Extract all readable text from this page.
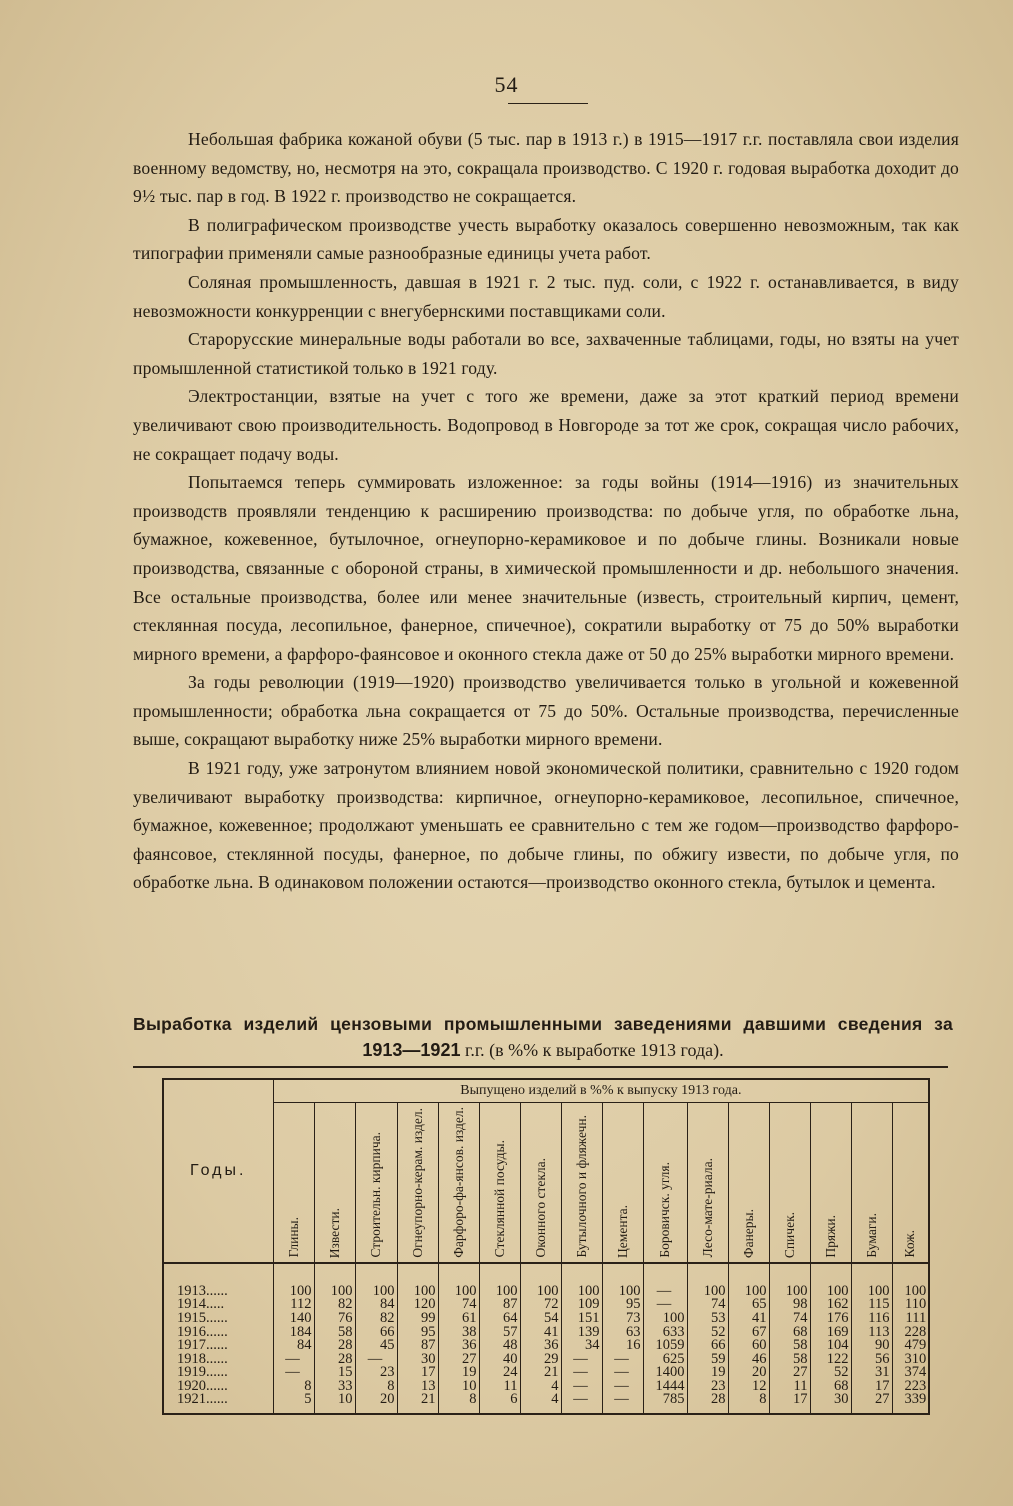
54

Небольшая фабрика кожаной обуви (5 тыс. пар в 1913 г.) в 1915—1917 г.г. поставляла свои изделия военному ведомству, но, несмотря на это, сокращала производство. С 1920 г. годовая выработка доходит до 9½ тыс. пар в год. В 1922 г. производство не сокращается.

В полиграфическом производстве учесть выработку оказалось совершенно невозможным, так как типографии применяли самые разнообразные единицы учета работ.

Соляная промышленность, давшая в 1921 г. 2 тыс. пуд. соли, с 1922 г. останавливается, в виду невозможности конкурренции с внегубернскими поставщиками соли.

Старорусские минеральные воды работали во все, захваченные таблицами, годы, но взяты на учет промышленной статистикой только в 1921 году.

Электростанции, взятые на учет с того же времени, даже за этот краткий период времени увеличивают свою производительность. Водопровод в Новгороде за тот же срок, сокращая число рабочих, не сокращает подачу воды.

Попытаемся теперь суммировать изложенное: за годы войны (1914—1916) из значительных производств проявляли тенденцию к расширению производства: по добыче угля, по обработке льна, бумажное, кожевенное, бутылочное, огнеупорно-керамиковое и по добыче глины. Возникали новые производства, связанные с обороной страны, в химической промышленности и др. небольшого значения. Все остальные производства, более или менее значительные (известь, строительный кирпич, цемент, стеклянная посуда, лесопильное, фанерное, спичечное), сократили выработку от 75 до 50% выработки мирного времени, а фарфоро-фаянсовое и оконного стекла даже от 50 до 25% выработки мирного времени.

За годы революции (1919—1920) производство увеличивается только в угольной и кожевенной промышленности; обработка льна сокращается от 75 до 50%. Остальные производства, перечисленные выше, сокращают выработку ниже 25% выработки мирного времени.

В 1921 году, уже затронутом влиянием новой экономической политики, сравнительно с 1920 годом увеличивают выработку производства: кирпичное, огнеупорно-керамиковое, лесопильное, спичечное, бумажное, кожевенное; продолжают уменьшать ее сравнительно с тем же годом—производство фарфоро-фаянсовое, стеклянной посуды, фанерное, по добыче глины, по обжигу извести, по добыче угля, по обработке льна. В одинаковом положении остаются—производство оконного стекла, бутылок и цемента.

Выработка изделий цензовыми промышленными заведениями давшими сведения за
1913—1921 г.г. (в %% к выработке 1913 года).
Годы.	Выпущено изделий в %% к выпуску 1913 года.															

	Глины.	Извести.	Строительн. кирпича.	Огнеупорно-керам. издел.	Фарфоро-фа-янсов. издел.	Стеклянной посуды.	Оконного стекла.	Бутылочного и фляжечн.	Цемента.	Боровичск. угля.	Лесо-мате-риала.	Фанеры.	Спичек.	Пряжи.	Бумаги.	Кож.

1913......	100	100	100	100	100	100	100	100	100	—	100	100	100	100	100	100
1914.....	112	82	84	120	74	87	72	109	95	—	74	65	98	162	115	110
1915......	140	76	82	99	61	64	54	151	73	100	53	41	74	176	116	111
1916......	184	58	66	95	38	57	41	139	63	633	52	67	68	169	113	228
1917......	84	28	45	87	36	48	36	34	16	1059	66	60	58	104	90	479
1918......	—	28	—	30	27	40	29	—	—	625	59	46	58	122	56	310
1919......	—	15	23	17	19	24	21	—	—	1400	19	20	27	52	31	374
1920......	8	33	8	13	10	11	4	—	—	1444	23	12	11	68	17	223
1921......	5	10	20	21	8	6	4	—	—	785	28	8	17	30	27	339
